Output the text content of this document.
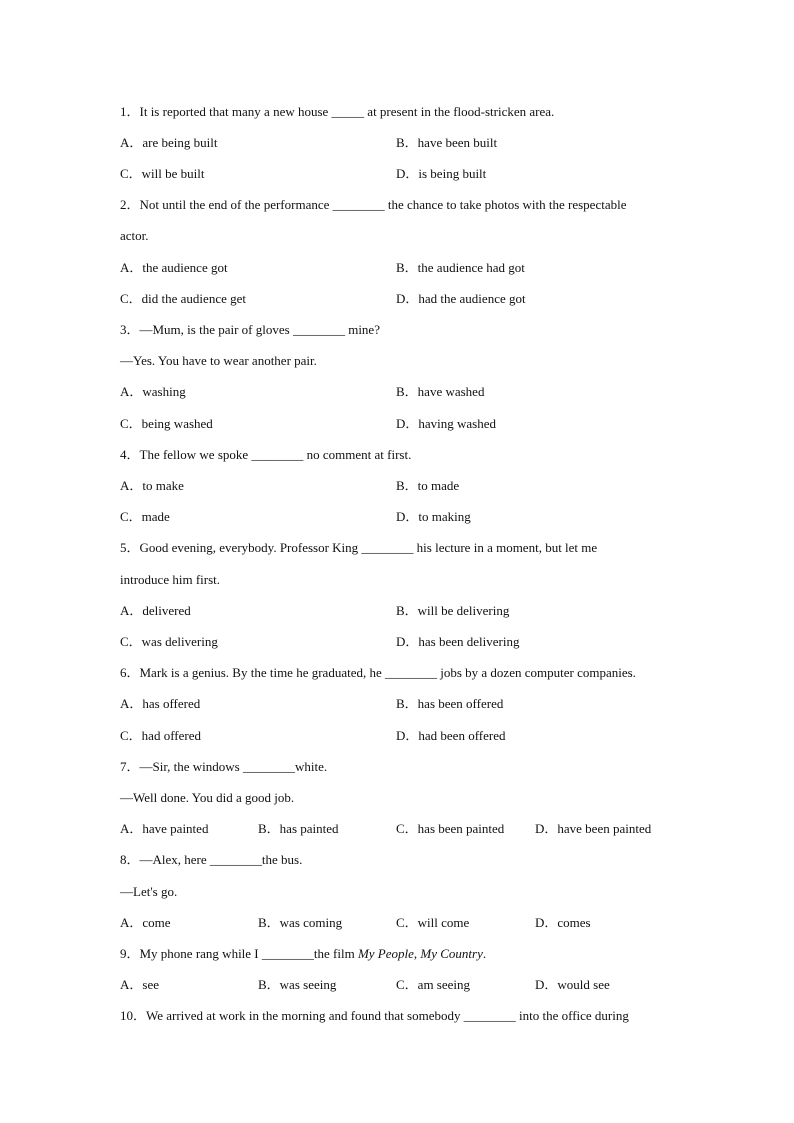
1．It is reported that many a new house _____ at present in the flood-stricken area.
A．are being built	B．have been built
C．will be built	D．is being built
2．Not until the end of the performance ________ the chance to take photos with the respectable
actor.
A．the audience got	B．the audience had got
C．did the audience get	D．had the audience got
3．—Mum, is the pair of gloves ________ mine?
—Yes. You have to wear another pair.
A．washing	B．have washed
C．being washed	D．having washed
4．The fellow we spoke ________ no comment at first.
A．to make	B．to made
C．made	D．to making
5．Good evening, everybody. Professor King ________ his lecture in a moment, but let me
introduce him first.
A．delivered	B．will be delivering
C．was delivering	D．has been delivering
6．Mark is a genius. By the time he graduated, he ________ jobs by a dozen computer companies.
A．has offered	B．has been offered
C．had offered	D．had been offered
7．—Sir, the windows ________white.
—Well done. You did a good job.
A．have painted	B．has painted	C．has been painted D．have been painted
8．—Alex, here ________the bus.
—Let's go.
A．come	B．was coming	C．will come	D．comes
9．My phone rang while I ________the film My People, My Country.
A．see	B．was seeing	C．am seeing	D．would see
10．We arrived at work in the morning and found that somebody ________ into the office during
